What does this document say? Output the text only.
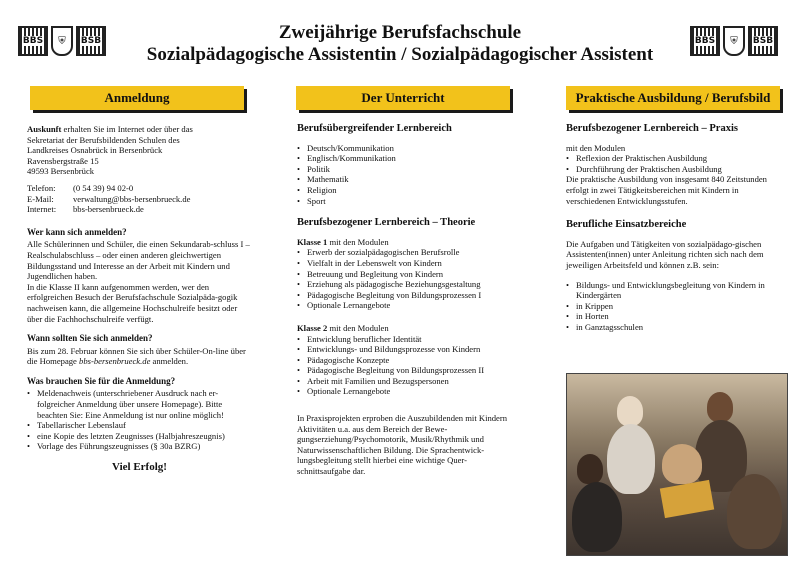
BBS	⛨	BSB	BBS	⛨	BSB
Zweijährige Berufsfachschule
Sozialpädagogische Assistentin / Sozialpädagogischer Assistent
Anmeldung	Der Unterricht	Praktische Ausbildung / Berufsbild

Auskunft erhalten Sie im Internet oder über das
Sekretariat der Berufsbildenden Schulen des
Landkreises Osnabrück in Bersenbrück
Ravensbergstraße 15
49593 Bersenbrück

Telefon:	(0 54 39) 94 02-0
E-Mail:	verwaltung@bbs-bersenbrueck.de
Internet:	bbs-bersenbrueck.de
Wer kann sich anmelden?

Alle Schülerinnen und Schüler, die einen Sekundarab-schluss I – Realschulabschluss – oder einen anderen gleichwertigen Bildungsstand und Interesse an der Arbeit mit Kindern und Jugendlichen haben.

In die Klasse II kann aufgenommen werden, wer den erfolgreichen Besuch der Berufsfachschule Sozialpäda-gogik nachweisen kann, die allgemeine Hochschulreife besitzt oder über die Fachhochschulreife verfügt.

Wann sollten Sie sich anmelden?

Bis zum 28. Februar können Sie sich über Schüler-On-line über die Homepage bbs-bersenbrueck.de anmelden.

Was brauchen Sie für die Anmeldung?
• Meldenachweis (unterschriebener Ausdruck nach er-folgreicher Anmeldung über unsere Homepage). Bitte beachten Sie: Eine Anmeldung ist nur online möglich!
• Tabellarischer Lebenslauf
• eine Kopie des letzten Zeugnisses (Halbjahreszeugnis)
• Vorlage des Führungszeugnisses (§ 30a BZRG)
Viel Erfolg!
Berufsübergreifender Lernbereich
• Deutsch/Kommunikation
• Englisch/Kommunikation
• Politik
• Mathematik
• Religion
• Sport
Berufsbezogener Lernbereich – Theorie
Klasse 1 mit den Modulen
• Erwerb der sozialpädagogischen Berufsrolle
• Vielfalt in der Lebenswelt von Kindern
• Betreuung und Begleitung von Kindern
• Erziehung als pädagogische Beziehungsgestaltung
• Pädagogische Begleitung von Bildungsprozessen I
• Optionale Lernangebote
Klasse 2 mit den Modulen
• Entwicklung beruflicher Identität
• Entwicklungs- und Bildungsprozesse von Kindern
• Pädagogische Konzepte
• Pädagogische Begleitung von Bildungsprozessen II
• Arbeit mit Familien und Bezugspersonen
• Optionale Lernangebote

In Praxisprojekten erproben die Auszubildenden mit Kindern Aktivitäten u.a. aus dem Bereich der Bewe-gungserziehung/Psychomotorik, Musik/Rhythmik und Naturwissenschaftlichen Bildung. Die Sprachentwick-lungsbegleitung stellt hierbei eine wichtige Quer-schnittsaufgabe dar.

Berufsbezogener Lernbereich – Praxis
mit den Modulen
• Reflexion der Praktischen Ausbildung
• Durchführung der Praktischen Ausbildung

Die praktische Ausbildung von insgesamt 840 Zeitstunden erfolgt in zwei Tätigkeitsbereichen mit Kindern in verschiedenen Entwicklungsstufen.

Berufliche Einsatzbereiche

Die Aufgaben und Tätigkeiten von sozialpädago-gischen Assistenten(innen) unter Anleitung richten sich nach dem jeweiligen Arbeitsfeld und können z.B. sein:

• Bildungs- und Entwicklungsbegleitung von Kindern in Kindergärten
• in Krippen
• in Horten
• in Ganztagsschulen
